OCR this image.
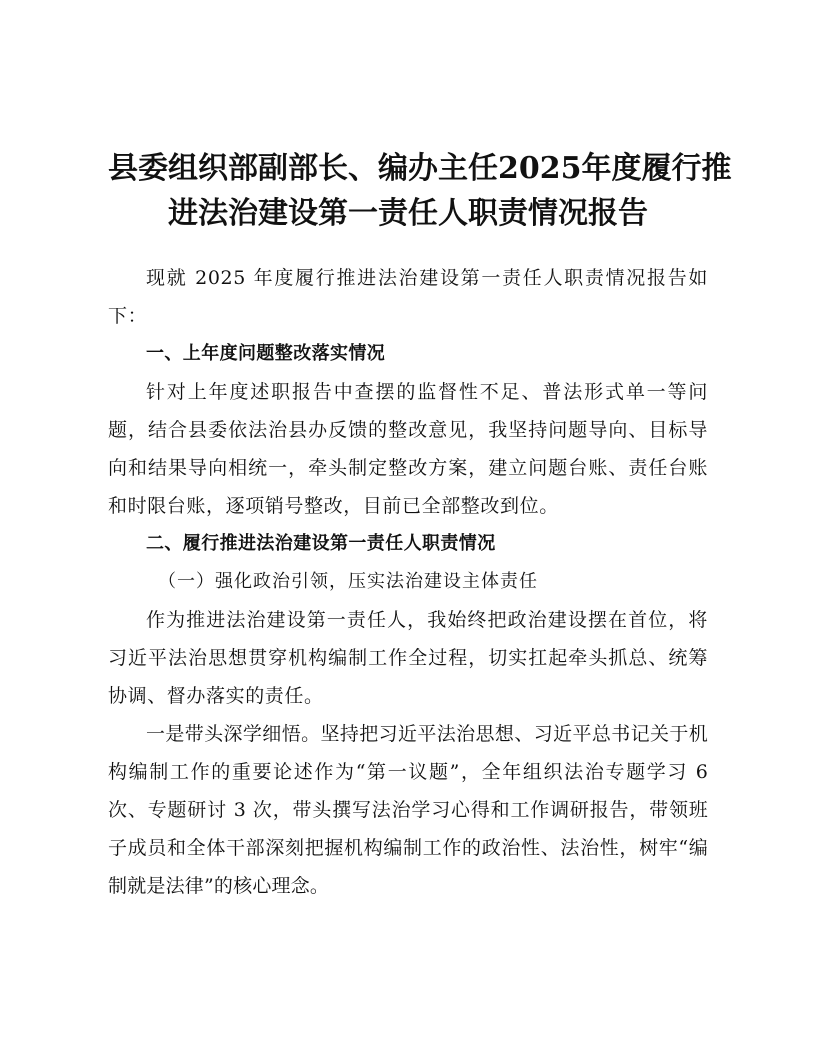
县委组织部副部长、编办主任2025年度履行推
进法治建设第一责任人职责情况报告

现就 2025 年度履行推进法治建设第一责任人职责情况报告如下：

一、上年度问题整改落实情况

针对上年度述职报告中查摆的监督性不足、普法形式单一等问题，结合县委依法治县办反馈的整改意见，我坚持问题导向、目标导向和结果导向相统一，牵头制定整改方案，建立问题台账、责任台账和时限台账，逐项销号整改，目前已全部整改到位。

二、履行推进法治建设第一责任人职责情况

（一）强化政治引领，压实法治建设主体责任

作为推进法治建设第一责任人，我始终把政治建设摆在首位，将习近平法治思想贯穿机构编制工作全过程，切实扛起牵头抓总、统筹协调、督办落实的责任。

一是带头深学细悟。坚持把习近平法治思想、习近平总书记关于机构编制工作的重要论述作为“第一议题”，全年组织法治专题学习 6 次、专题研讨 3 次，带头撰写法治学习心得和工作调研报告，带领班子成员和全体干部深刻把握机构编制工作的政治性、法治性，树牢“编制就是法律”的核心理念。
